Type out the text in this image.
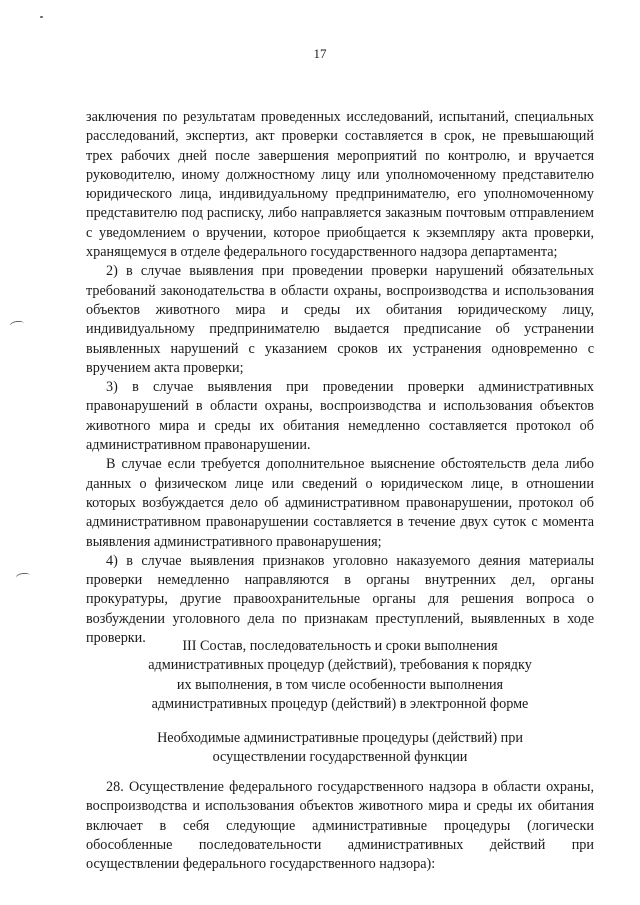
17

заключения по результатам проведенных исследований, испытаний, специальных расследований, экспертиз, акт проверки составляется в срок, не превышающий трех рабочих дней после завершения мероприятий по контролю, и вручается руководителю, иному должностному лицу или уполномоченному представителю юридического лица, индивидуальному предпринимателю, его уполномоченному представителю под расписку, либо направляется заказным почтовым отправлением с уведомлением о вручении, которое приобщается к экземпляру акта проверки, хранящемуся в отделе федерального государственного надзора департамента;

2) в случае выявления при проведении проверки нарушений обязательных требований законодательства в области охраны, воспроизводства и использования объектов животного мира и среды их обитания юридическому лицу, индивидуальному предпринимателю выдается предписание об устранении выявленных нарушений с указанием сроков их устранения одновременно с вручением акта проверки;

3) в случае выявления при проведении проверки административных правонарушений в области охраны, воспроизводства и использования объектов животного мира и среды их обитания немедленно составляется протокол об административном правонарушении.

В случае если требуется дополнительное выяснение обстоятельств дела либо данных о физическом лице или сведений о юридическом лице, в отношении которых возбуждается дело об административном правонарушении, протокол об административном правонарушении составляется в течение двух суток с момента выявления административного правонарушения;

4) в случае выявления признаков уголовно наказуемого деяния материалы проверки немедленно направляются в органы внутренних дел, органы прокуратуры, другие правоохранительные органы для решения вопроса о возбуждении уголовного дела по признакам преступлений, выявленных в ходе проверки.	III Состав, последовательность и сроки выполнения

административных процедур (действий), требования к порядку

их выполнения, в том числе особенности выполнения

административных процедур (действий) в электронной форме

Необходимые административные процедуры (действий) при

осуществлении государственной функции

28. Осуществление федерального государственного надзора в области охраны, воспроизводства и использования объектов животного мира и среды их обитания включает в себя следующие административные процедуры (логически обособленные последовательности административных действий при осуществлении федерального государственного надзора):
